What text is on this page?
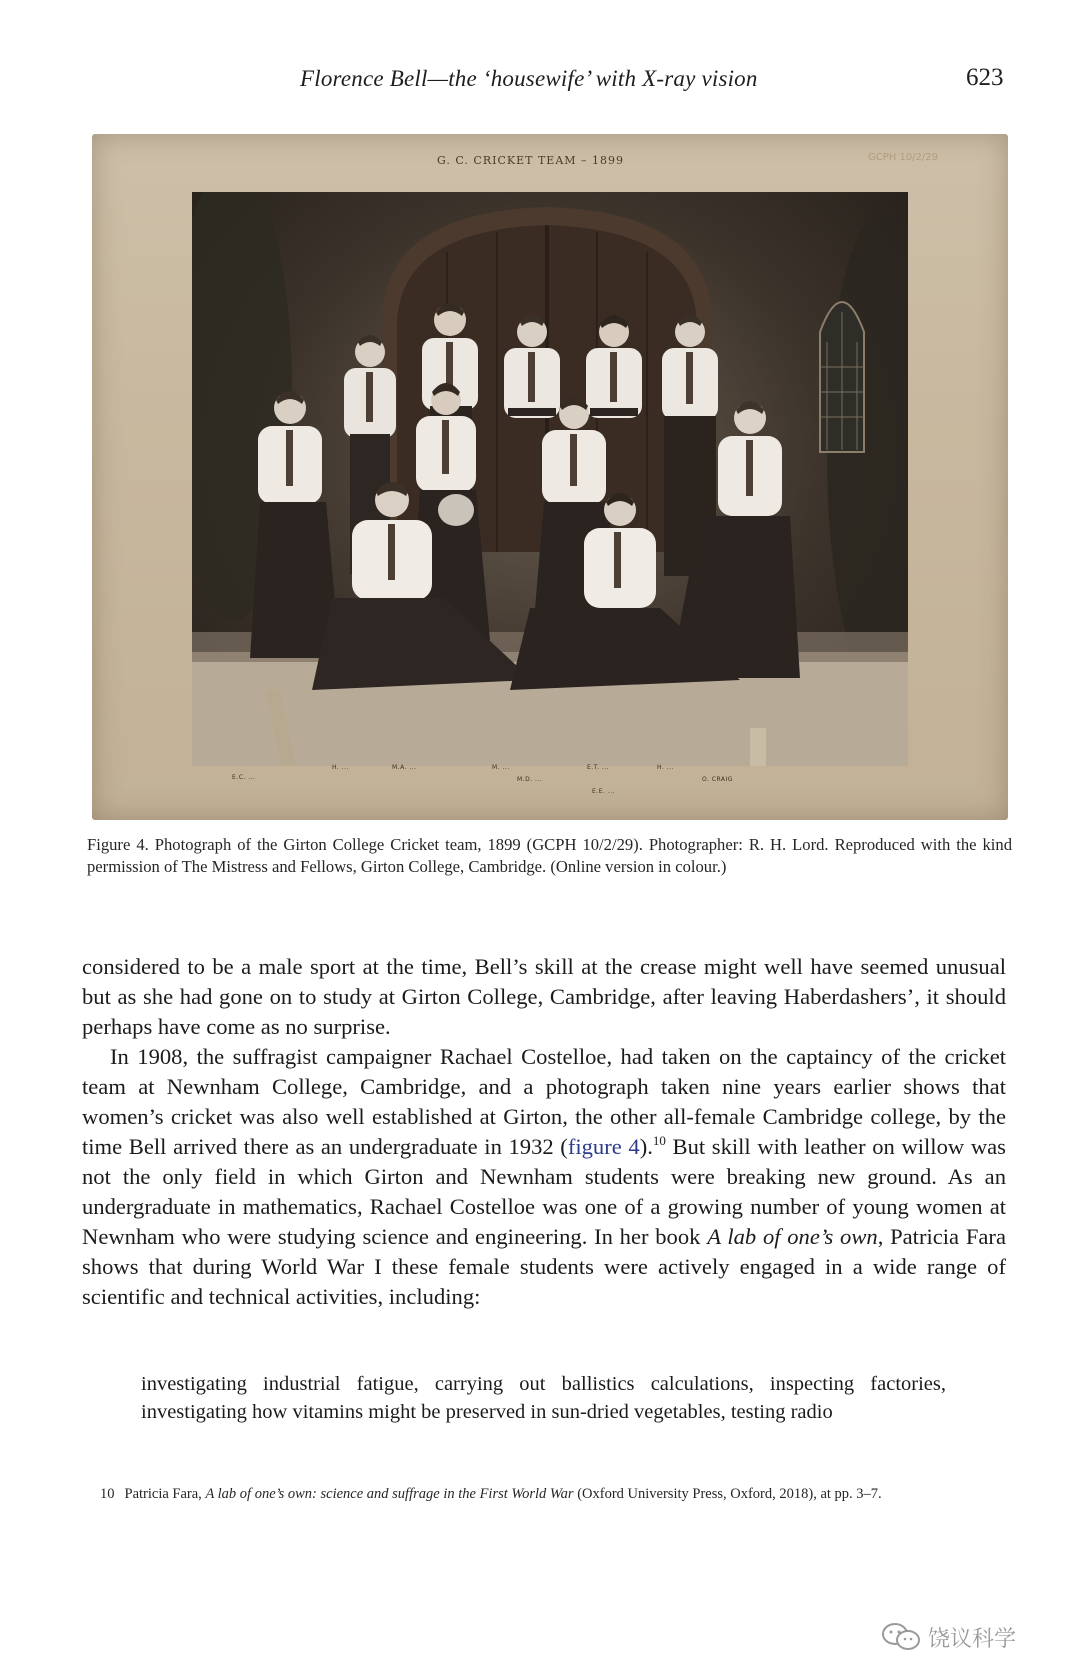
Florence Bell—the ‘housewife’ with X-ray vision	623
G. C. CRICKET TEAM – 1899	GCPH 10/2/29
E.C. ...
H. ...	M.A. ...	M. ...	E.T. ...	H. ...
O. CRAIG
M.D. ...
E.E. ...
Figure 4. Photograph of the Girton College Cricket team, 1899 (GCPH 10/2/29). Photographer: R. H. Lord. Reproduced with the kind permission of The Mistress and Fellows, Girton College, Cambridge. (Online version in colour.)

considered to be a male sport at the time, Bell’s skill at the crease might well have seemed unusual but as she had gone on to study at Girton College, Cambridge, after leaving Haberdashers’, it should perhaps have come as no surprise.

In 1908, the suffragist campaigner Rachael Costelloe, had taken on the captaincy of the cricket team at Newnham College, Cambridge, and a photograph taken nine years earlier shows that women’s cricket was also well established at Girton, the other all-female Cambridge college, by the time Bell arrived there as an undergraduate in 1932 (figure 4).$^{10}$ But skill with leather on willow was not the only field in which Girton and Newnham students were breaking new ground. As an undergraduate in mathematics, Rachael Costelloe was one of a growing number of young women at Newnham who were studying science and engineering. In her book A lab of one’s own, Patricia Fara shows that during World War I these female students were actively engaged in a wide range of scientific and technical activities, including:

investigating industrial fatigue, carrying out ballistics calculations, inspecting factories, investigating how vitamins might be preserved in sun-dried vegetables, testing radio
10 Patricia Fara, A lab of one’s own: science and suffrage in the First World War (Oxford University Press, Oxford, 2018), at pp. 3–7.
饶议科学
